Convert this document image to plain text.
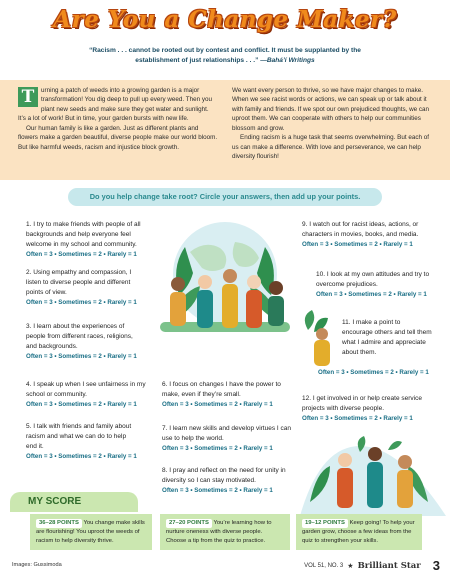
Are You a Change Maker?
“Racism . . . cannot be rooted out by contest and conflict. It must be supplanted by the establishment of just relationships . . .” —Bahá’í Writings

T	urning a patch of weeds into a growing garden is a major transformation! You dig deep to pull up every weed. Then you plant new seeds and make sure they get water and sunlight. It’s a lot of work! But in time, your garden bursts with new life.

Our human family is like a garden. Just as different plants and flowers make a garden beautiful, diverse people make our world bloom. But like harmful weeds, racism and injustice block growth.

We want every person to thrive, so we have major changes to make. When we see racist words or actions, we can speak up or talk about it with family and friends. If we spot our own prejudiced thoughts, we can uproot them. We can cooperate with others to help our communities blossom and grow.

Ending racism is a huge task that seems overwhelming. But each of us can make a difference. With love and perseverance, we can help diversity flourish!

Do you help change take root? Circle your answers, then add up your points.
1. I try to make friends with people of all backgrounds and help everyone feel welcome in my school and community.
Often = 3 • Sometimes = 2 • Rarely = 1
2. Using empathy and compassion, I listen to diverse people and different points of view.
Often = 3 • Sometimes = 2 • Rarely = 1
3. I learn about the experiences of people from different races, religions, and backgrounds.
Often = 3 • Sometimes = 2 • Rarely = 1
4. I speak up when I see unfairness in my school or community.
Often = 3 • Sometimes = 2 • Rarely = 1
5. I talk with friends and family about racism and what we can do to help end it.
Often = 3 • Sometimes = 2 • Rarely = 1
6. I focus on changes I have the power to make, even if they’re small.
Often = 3 • Sometimes = 2 • Rarely = 1
7. I learn new skills and develop virtues I can use to help the world.
Often = 3 • Sometimes = 2 • Rarely = 1
8. I pray and reflect on the need for unity in diversity so I can stay motivated.
Often = 3 • Sometimes = 2 • Rarely = 1
9. I watch out for racist ideas, actions, or characters in movies, books, and media.
Often = 3 • Sometimes = 2 • Rarely = 1
10. I look at my own attitudes and try to overcome prejudices.
Often = 3 • Sometimes = 2 • Rarely = 1
11. I make a point to encourage others and tell them what I admire and appreciate about them.
Often = 3 • Sometimes = 2 • Rarely = 1
12. I get involved in or help create service projects with diverse people.
Often = 3 • Sometimes = 2 • Rarely = 1
MY SCORE
36–28 POINTS You change make skills are flourishing! You uproot the weeds of racism to help diversity thrive.
27–20 POINTS You’re learning how to nurture oneness with diverse people. Choose a tip from the quiz to practice.
19–12 POINTS Keep going! To help your garden grow, choose a few ideas from the quiz to strengthen your skills.
Images: Gussimoda	VOL 51, NO. 3 ★ Brilliant Star 3
